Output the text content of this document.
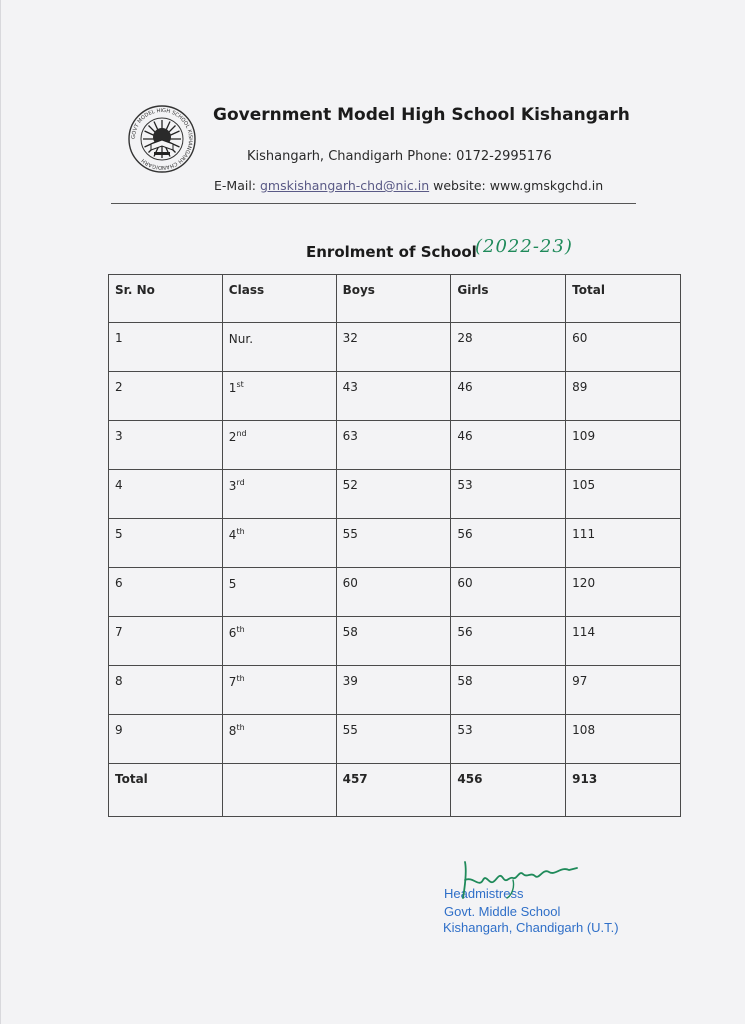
GOVT MODEL HIGH SCHOOL KISHANGARH CHANDIGARH
Government Model High School Kishangarh
Kishangarh, Chandigarh Phone: 0172-2995176
E-Mail: gmskishangarh-chd@nic.in website: www.gmskgchd.in
Enrolment of School
(2022-23)
Sr. No	Class	Boys	Girls	Total
1	Nur.	32	28	60
2	1st	43	46	89
3	2nd	63	46	109
4	3rd	52	53	105
5	4th	55	56	111
6	5	60	60	120
7	6th	58	56	114
8	7th	39	58	97
9	8th	55	53	108
Total		457	456	913
Headmistress
Govt. Middle School
Kishangarh, Chandigarh (U.T.)
